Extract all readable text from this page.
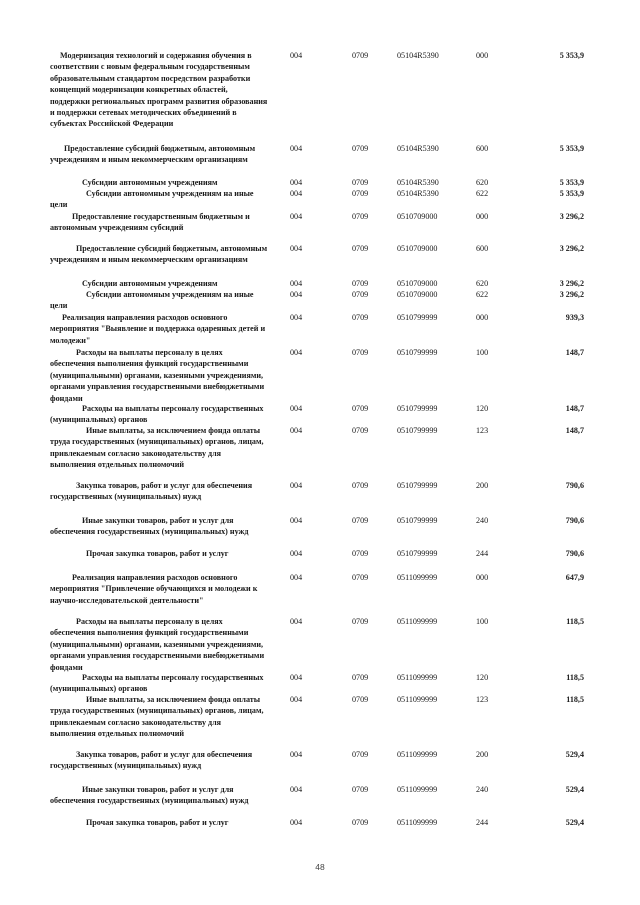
Модернизация технологий и содержания обучения в соответствии с новым федеральным государственным образовательным стандартом посредством разработки концепций модернизации конкретных областей, поддержки региональных программ развития образования и поддержки сетевых методических объединений в субъектах Российской Федерации
004	0709	05104R5390	000	5 353,9
Предоставление субсидий бюджетным, автономным учреждениям и иным некоммерческим организациям
004	0709	05104R5390	600	5 353,9
Субсидии автономным учреждениям	004	0709	05104R5390	620	5 353,9
Субсидии автономным учреждениям на иные цели
004	0709	05104R5390	622	5 353,9
Предоставление государственным бюджетным и автономным учреждениям субсидий
004	0709	0510709000	000	3 296,2
Предоставление субсидий бюджетным, автономным учреждениям и иным некоммерческим организациям
004	0709	0510709000	600	3 296,2
Субсидии автономным учреждениям	004	0709	0510709000	620	3 296,2
Субсидии автономным учреждениям на иные цели
004	0709	0510709000	622	3 296,2
Реализация направления расходов основного мероприятия "Выявление и поддержка одаренных детей и молодежи"
004	0709	0510799999	000	939,3
Расходы на выплаты персоналу в целях обеспечения выполнения функций государственными (муниципальными) органами, казенными учреждениями, органами управления государственными внебюджетными фондами
004	0709	0510799999	100	148,7
Расходы на выплаты персоналу государственных (муниципальных) органов
004	0709	0510799999	120	148,7
Иные выплаты, за исключением фонда оплаты труда государственных (муниципальных) органов, лицам, привлекаемым согласно законодательству для выполнения отдельных полномочий
004	0709	0510799999	123	148,7
Закупка товаров, работ и услуг для обеспечения государственных (муниципальных) нужд
004	0709	0510799999	200	790,6
Иные закупки товаров, работ и услуг для обеспечения государственных (муниципальных) нужд
004	0709	0510799999	240	790,6
Прочая закупка товаров, работ и услуг	004	0709	0510799999	244	790,6
Реализация направления расходов основного мероприятия "Привлечение обучающихся и молодежи к научно-исследовательской деятельности"
004	0709	0511099999	000	647,9
Расходы на выплаты персоналу в целях обеспечения выполнения функций государственными (муниципальными) органами, казенными учреждениями, органами управления государственными внебюджетными фондами
004	0709	0511099999	100	118,5
Расходы на выплаты персоналу государственных (муниципальных) органов
004	0709	0511099999	120	118,5
Иные выплаты, за исключением фонда оплаты труда государственных (муниципальных) органов, лицам, привлекаемым согласно законодательству для выполнения отдельных полномочий
004	0709	0511099999	123	118,5
Закупка товаров, работ и услуг для обеспечения государственных (муниципальных) нужд
004	0709	0511099999	200	529,4
Иные закупки товаров, работ и услуг для обеспечения государственных (муниципальных) нужд
004	0709	0511099999	240	529,4
Прочая закупка товаров, работ и услуг	004	0709	0511099999	244	529,4
48
